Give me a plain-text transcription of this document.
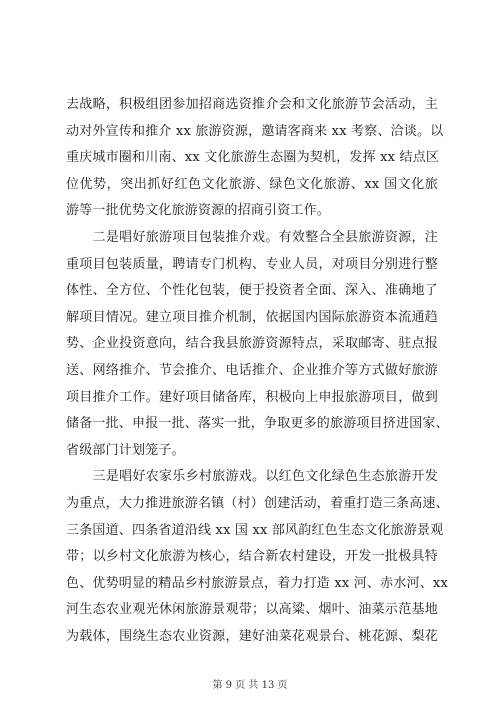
去战略，积极组团参加招商选资推介会和文化旅游节会活动，主
动对外宣传和推介 xx 旅游资源，邀请客商来 xx 考察、洽谈。以
重庆城市圈和川南、xx 文化旅游生态圈为契机，发挥 xx 结点区
位优势，突出抓好红色文化旅游、绿色文化旅游、xx 国文化旅
游等一批优势文化旅游资源的招商引资工作。
　　二是唱好旅游项目包装推介戏。有效整合全县旅游资源，注
重项目包装质量，聘请专门机构、专业人员，对项目分别进行整
体性、全方位、个性化包装，便于投资者全面、深入、准确地了
解项目情况。建立项目推介机制，依据国内国际旅游资本流通趋
势、企业投资意向，结合我县旅游资源特点，采取邮寄、驻点报
送、网络推介、节会推介、电话推介、企业推介等方式做好旅游
项目推介工作。建好项目储备库，积极向上申报旅游项目，做到
储备一批、申报一批、落实一批，争取更多的旅游项目挤进国家、
省级部门计划笼子。
　　三是唱好农家乐乡村旅游戏。以红色文化绿色生态旅游开发
为重点，大力推进旅游名镇（村）创建活动，着重打造三条高速、
三条国道、四条省道沿线 xx 国 xx 部风韵红色生态文化旅游景观
带；以乡村文化旅游为核心，结合新农村建设，开发一批极具特
色、优势明显的精品乡村旅游景点，着力打造 xx 河、赤水河、xx
河生态农业观光休闲旅游景观带；以高粱、烟叶、油菜示范基地
为载体，围绕生态农业资源，建好油菜花观景台、桃花源、梨花
第 9 页 共 13 页
